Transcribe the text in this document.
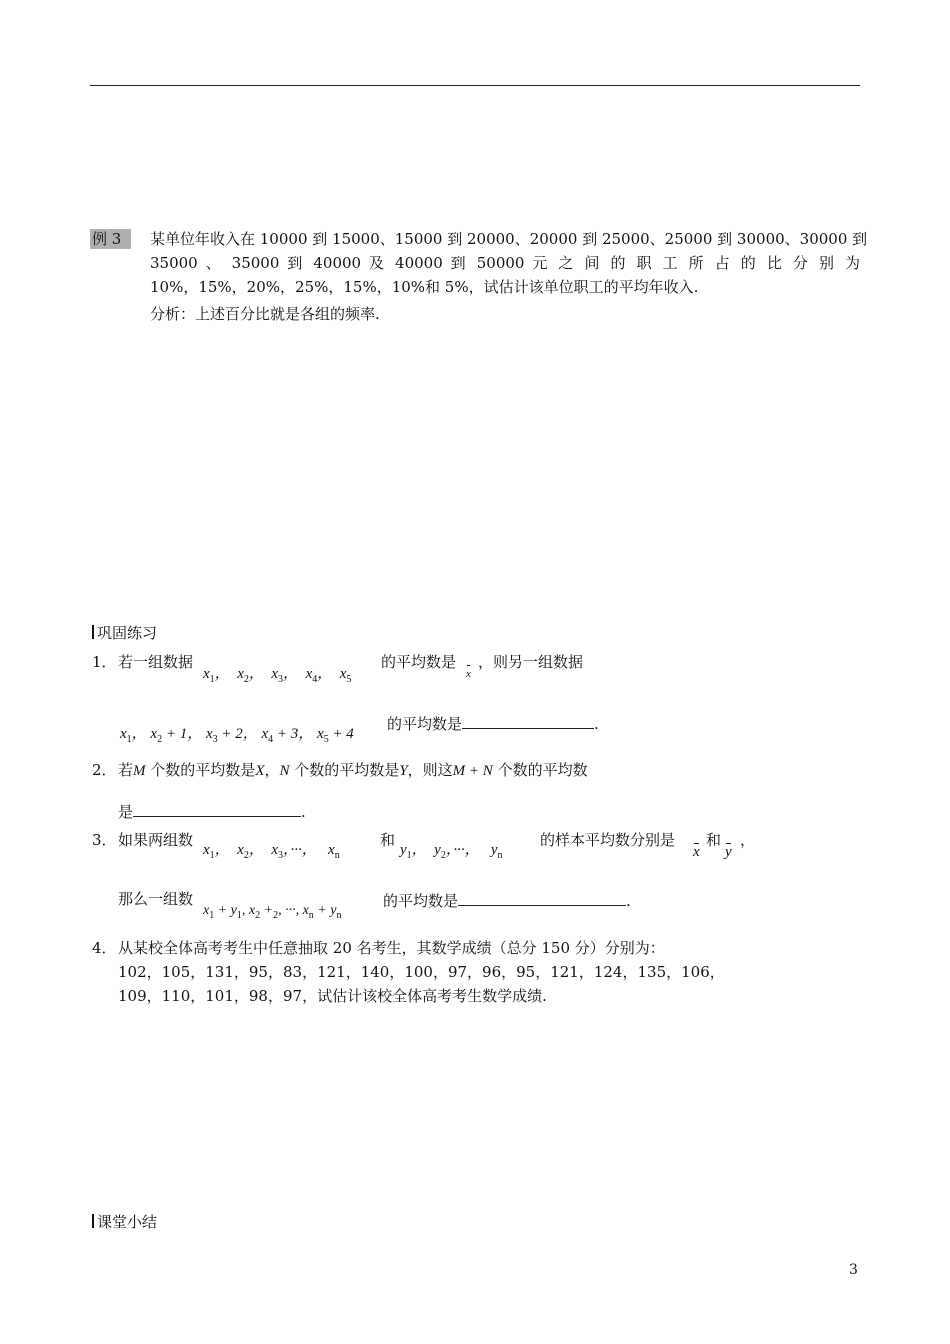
例 3	某单位年收入在 10000 到 15000、15000 到 20000、20000 到 25000、25000 到 30000、30000 到
35000 、 35000 到 40000 及 40000 到 50000 元 之 间 的 职 工 所 占 的 比 分 别 为
10%，15%，20%，25%，15%，10%和 5%，试估计该单位职工的平均年收入.
分析：上述百分比就是各组的频率.
巩固练习
1． 若一组数据
$x_1$， $x_2$， $x_3$， $x_4$， $x_5$
的平均数是
x
，则另一组数据
$x_1$， $x_2 + 1$， $x_3 + 2$， $x_4 + 3$， $x_5 + 4$
的平均数是	.
2． 若M 个数的平均数是X，N 个数的平均数是Y，则这M + N 个数的平均数
是	.
3． 如果两组数
$x_1$，  $x_2$，  $x_3$，···，   $x_n$
和
$y_1$，  $y_2$，···，   $y_n$
的样本平均数分别是
x
和
y
，
那么一组数
$x_1 + y_1$, $x_2 +_2$, ···, $x_n + y_n$
的平均数是	.
4． 从某校全体高考考生中任意抽取 20 名考生，其数学成绩（总分 150 分）分别为：
102，105，131，95，83，121，140，100，97，96，95，121，124，135，106，
109，110，101，98，97，试估计该校全体高考考生数学成绩.
课堂小结
3
